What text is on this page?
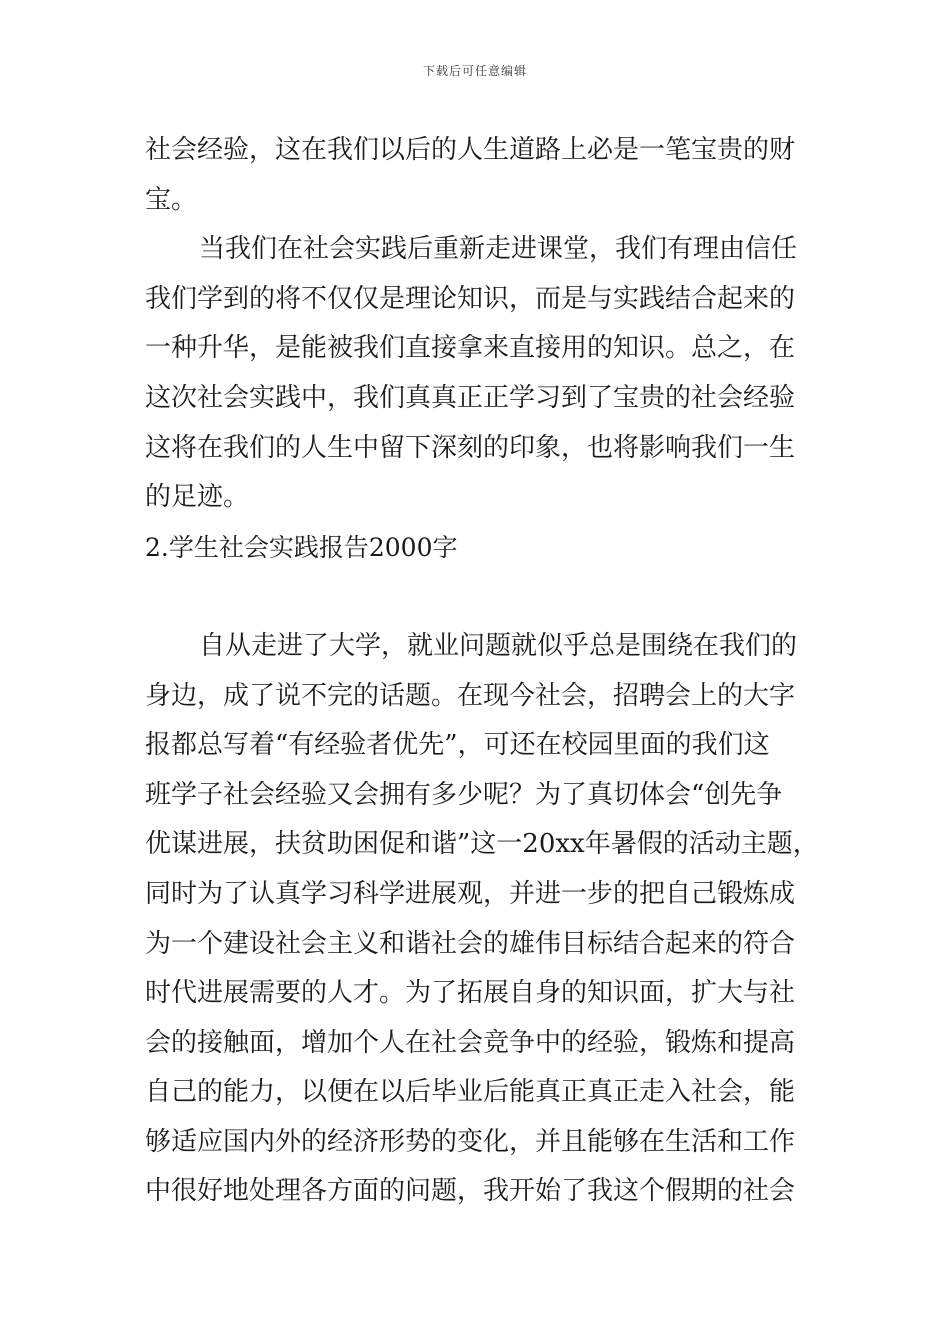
下载后可任意编辑
社会经验，这在我们以后的人生道路上必是一笔宝贵的财
宝。
当我们在社会实践后重新走进课堂，我们有理由信任
我们学到的将不仅仅是理论知识，而是与实践结合起来的
一种升华，是能被我们直接拿来直接用的知识。总之，在
这次社会实践中，我们真真正正学习到了宝贵的社会经验
这将在我们的人生中留下深刻的印象，也将影响我们一生
的足迹。
2.学生社会实践报告2000字
自从走进了大学，就业问题就似乎总是围绕在我们的
身边，成了说不完的话题。在现今社会，招聘会上的大字
报都总写着“有经验者优先”，可还在校园里面的我们这
班学子社会经验又会拥有多少呢？为了真切体会“创先争
优谋进展，扶贫助困促和谐”这一20xx年暑假的活动主题，
同时为了认真学习科学进展观，并进一步的把自己锻炼成
为一个建设社会主义和谐社会的雄伟目标结合起来的符合
时代进展需要的人才。为了拓展自身的知识面，扩大与社
会的接触面，增加个人在社会竞争中的经验，锻炼和提高
自己的能力，以便在以后毕业后能真正真正走入社会，能
够适应国内外的经济形势的变化，并且能够在生活和工作
中很好地处理各方面的问题，我开始了我这个假期的社会
